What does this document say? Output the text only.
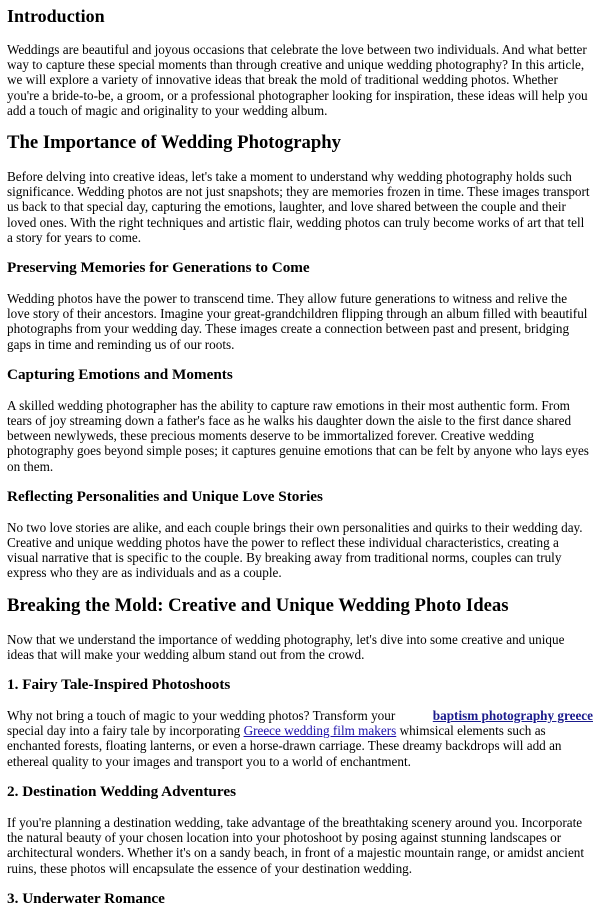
Introduction

Weddings are beautiful and joyous occasions that celebrate the love between two individuals. And what better way to capture these special moments than through creative and unique wedding photography? In this article, we will explore a variety of innovative ideas that break the mold of traditional wedding photos. Whether you're a bride-to-be, a groom, or a professional photographer looking for inspiration, these ideas will help you add a touch of magic and originality to your wedding album.

The Importance of Wedding Photography

Before delving into creative ideas, let's take a moment to understand why wedding photography holds such significance. Wedding photos are not just snapshots; they are memories frozen in time. These images transport us back to that special day, capturing the emotions, laughter, and love shared between the couple and their loved ones. With the right techniques and artistic flair, wedding photos can truly become works of art that tell a story for years to come.

Preserving Memories for Generations to Come

Wedding photos have the power to transcend time. They allow future generations to witness and relive the love story of their ancestors. Imagine your great-grandchildren flipping through an album filled with beautiful photographs from your wedding day. These images create a connection between past and present, bridging gaps in time and reminding us of our roots.

Capturing Emotions and Moments

A skilled wedding photographer has the ability to capture raw emotions in their most authentic form. From tears of joy streaming down a father's face as he walks his daughter down the aisle to the first dance shared between newlyweds, these precious moments deserve to be immortalized forever. Creative wedding photography goes beyond simple poses; it captures genuine emotions that can be felt by anyone who lays eyes on them.

Reflecting Personalities and Unique Love Stories

No two love stories are alike, and each couple brings their own personalities and quirks to their wedding day. Creative and unique wedding photos have the power to reflect these individual characteristics, creating a visual narrative that is specific to the couple. By breaking away from traditional norms, couples can truly express who they are as individuals and as a couple.

Breaking the Mold: Creative and Unique Wedding Photo Ideas

Now that we understand the importance of wedding photography, let's dive into some creative and unique ideas that will make your wedding album stand out from the crowd.

1. Fairy Tale-Inspired Photoshoots

baptism photography greece
Why not bring a touch of magic to your wedding photos? Transform your special day into a fairy tale by incorporating Greece wedding film makers whimsical elements such as enchanted forests, floating lanterns, or even a horse-drawn carriage. These dreamy backdrops will add an ethereal quality to your images and transport you to a world of enchantment.

2. Destination Wedding Adventures

If you're planning a destination wedding, take advantage of the breathtaking scenery around you. Incorporate the natural beauty of your chosen location into your photoshoot by posing against stunning landscapes or architectural wonders. Whether it's on a sandy beach, in front of a majestic mountain range, or amidst ancient ruins, these photos will encapsulate the essence of your destination wedding.

3. Underwater Romance
